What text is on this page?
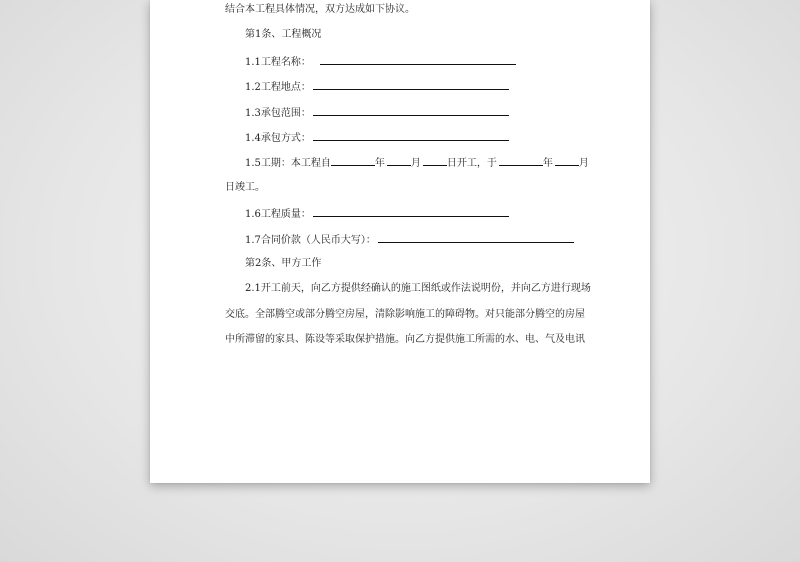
结合本工程具体情况，双方达成如下协议。
第1条、工程概况
1.1工程名称：
1.2工程地点：
1.3承包范围：
1.4承包方式：
1.5工期：本工程自	年	月	日开工，于	年	月
日竣工。
1.6工程质量：
1.7合同价款（人民币大写）：
第2条、甲方工作
2.1开工前天，向乙方提供经确认的施工图纸或作法说明份，并向乙方进行现场
交底。全部腾空或部分腾空房屋，清除影响施工的障碍物。对只能部分腾空的房屋
中所滞留的家具、陈设等采取保护措施。向乙方提供施工所需的水、电、气及电讯
